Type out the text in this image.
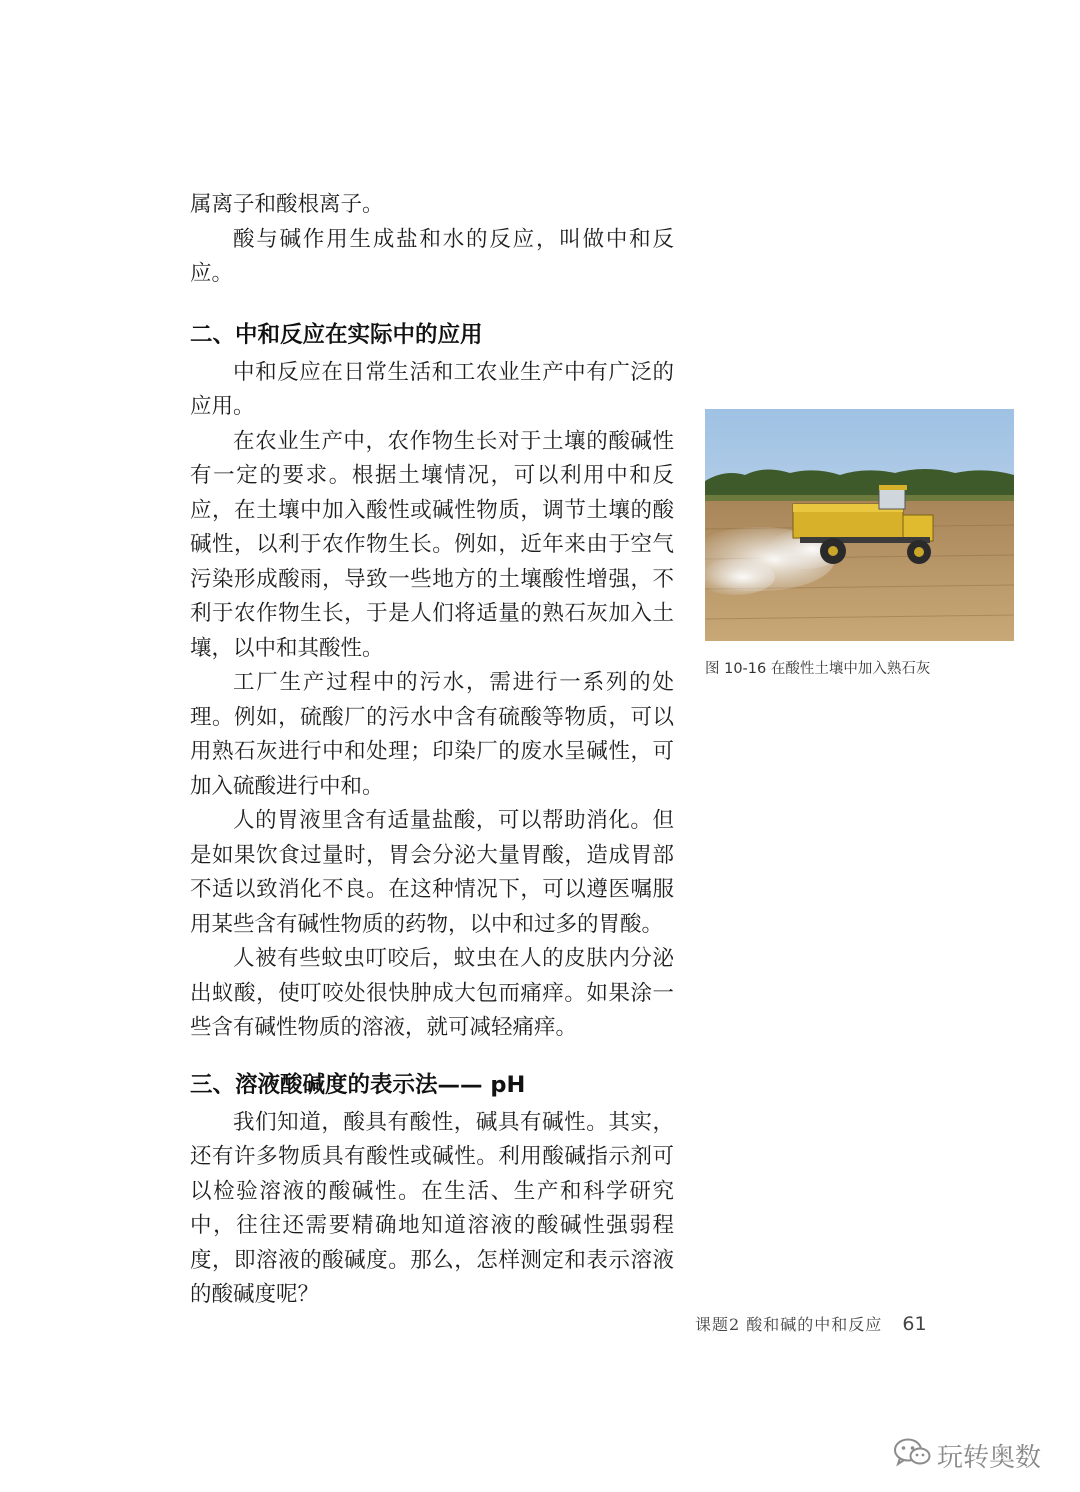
属离子和酸根离子。

酸与碱作用生成盐和水的反应，叫做中和反应。

二、中和反应在实际中的应用

中和反应在日常生活和工农业生产中有广泛的应用。

在农业生产中，农作物生长对于土壤的酸碱性有一定的要求。根据土壤情况，可以利用中和反应，在土壤中加入酸性或碱性物质，调节土壤的酸碱性，以利于农作物生长。例如，近年来由于空气污染形成酸雨，导致一些地方的土壤酸性增强，不利于农作物生长，于是人们将适量的熟石灰加入土壤，以中和其酸性。

工厂生产过程中的污水，需进行一系列的处理。例如，硫酸厂的污水中含有硫酸等物质，可以用熟石灰进行中和处理；印染厂的废水呈碱性，可加入硫酸进行中和。

人的胃液里含有适量盐酸，可以帮助消化。但是如果饮食过量时，胃会分泌大量胃酸，造成胃部不适以致消化不良。在这种情况下，可以遵医嘱服用某些含有碱性物质的药物，以中和过多的胃酸。

人被有些蚊虫叮咬后，蚊虫在人的皮肤内分泌出蚁酸，使叮咬处很快肿成大包而痛痒。如果涂一些含有碱性物质的溶液，就可减轻痛痒。

三、溶液酸碱度的表示法—— pH

我们知道，酸具有酸性，碱具有碱性。其实，还有许多物质具有酸性或碱性。利用酸碱指示剂可以检验溶液的酸碱性。在生活、生产和科学研究中，往往还需要精确地知道溶液的酸碱性强弱程度，即溶液的酸碱度。那么，怎样测定和表示溶液的酸碱度呢？

图 10-16 在酸性土壤中加入熟石灰
课题2 酸和碱的中和反应 61
玩转奥数
